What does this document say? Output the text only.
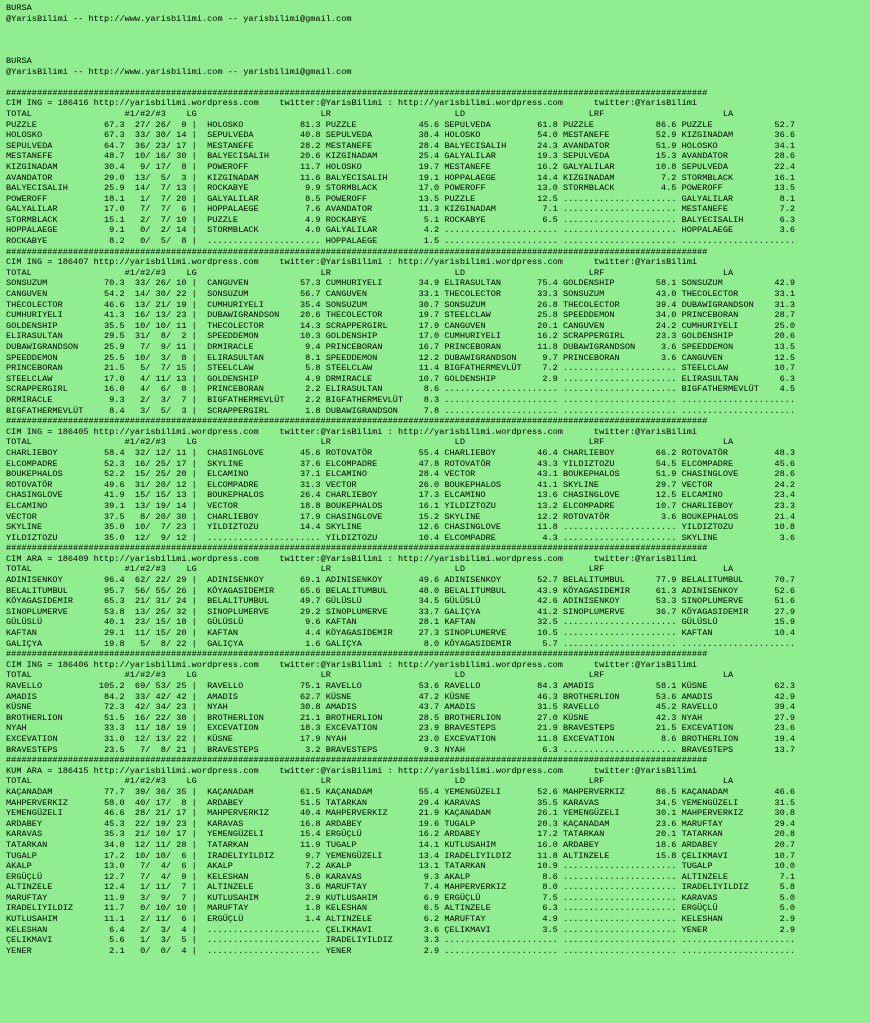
BURSA
@YarisBilimi -- http://www.yarisbilimi.com -- yarisbilimi@gmail.com
BURSA
@YarisBilimi -- http://www.yarisbilimi.com -- yarisbilimi@gmail.com
########################################################################################################################################
CIM ING = 186416 http://yarisbilimi.wordpress.com    twitter:@YarisBilimi : http://yarisbilimi.wordpress.com      twitter:@YarisBilimi
TOTAL                  #1/#2/#3    LG                        LR                        LD                        LRF                       LA
PUZZLE             67.3  27/ 26/  9 |  HOLOSKO           81.3 PUZZLE            45.6 SEPULVEDA         61.8 PUZZLE            86.6 PUZZLE            52.7
HOLOSKO            67.3  33/ 30/ 14 |  SEPULVEDA         40.8 SEPULVEDA         38.4 HOLOSKO           54.0 MESTANEFE         52.9 KIZGINADAM        36.6
SEPULVEDA          64.7  36/ 23/ 17 |  MESTANEFE         28.2 MESTANEFE         28.4 BALYECISALIH      24.3 AVANDATOR         51.9 HOLOSKO           34.1
MESTANEFE          48.7  10/ 16/ 30 |  BALYECISALIH      20.6 KIZGINADAM        25.4 GALYALILAR        19.3 SEPULVEDA         15.3 AVANDATOR         28.6
KIZGINADAM         30.4   9/ 17/  8 |  POWEROFF          11.7 HOLOSKO           19.7 MESTANEFE         16.2 GALYALILAR        10.8 SEPULVEDA         22.4
AVANDATOR          29.0  13/  5/  3 |  KIZGINADAM        11.6 BALYECISALIH      19.1 HOPPALAEGE        14.4 KIZGINADAM         7.2 STORMBLACK        16.1
BALYECISALIH       25.9  14/  7/ 13 |  ROCKABYE           9.9 STORMBLACK        17.0 POWEROFF          13.0 STORMBLACK         4.5 POWEROFF          13.5
POWEROFF           18.1   1/  7/ 20 |  GALYALILAR         8.5 POWEROFF          13.5 PUZZLE            12.5 ...................... GALYALILAR         8.1
GALYALILAR         17.0   7/  7/  6 |  HOPPALAEGE         7.6 AVANDATOR         11.3 KIZGINADAM         7.1 ...................... MESTANEFE          7.2
STORMBLACK         15.1   2/  7/ 10 |  PUZZLE             4.9 ROCKABYE           5.1 ROCKABYE           6.5 ...................... BALYECISALIH       6.3
HOPPALAEGE          9.1   0/  2/ 14 |  STORMBLACK         4.0 GALYALILAR         4.2 ...................... ...................... HOPPALAEGE         3.6
ROCKABYE            8.2   0/  5/  8 |  ...................... HOPPALAEGE         1.5 ...................... ...................... ......................
########################################################################################################################################
CIM ING = 186407 http://yarisbilimi.wordpress.com    twitter:@YarisBilimi : http://yarisbilimi.wordpress.com      twitter:@YarisBilimi
TOTAL                  #1/#2/#3    LG                        LR                        LD                        LRF                       LA
SONSUZUM           70.3  33/ 26/ 10 |  CANGUVEN          57.3 CUMHURIYELI       34.9 ELIRASULTAN       75.4 GOLDENSHIP        58.1 SONSUZUM          42.9
CANGUVEN           54.2  14/ 30/ 22 |  SONSUZUM          56.7 CANGUVEN          33.1 THECOLECTOR       33.3 SONSUZUM          43.0 THECOLECTOR       33.1
THECOLECTOR        46.6  13/ 21/ 19 |  CUMHURIYELI       35.4 SONSUZUM          30.7 SONSUZUM          26.8 THECOLECTOR       39.4 DUBAWIGRANDSON    31.3
CUMHURIYELI        41.3  16/ 13/ 23 |  DUBAWIGRANDSON    20.6 THECOLECTOR       19.7 STEELCLAW         25.8 SPEEDDEMON        34.0 PRINCEBORAN       28.7
GOLDENSHIP         35.5  10/ 10/ 11 |  THECOLECTOR       14.3 SCRAPPERGIRL      17.9 CANGUVEN          20.1 CANGUVEN          24.2 CUMHURIYELI       25.0
ELIRASULTAN        29.5  31/  8/  2 |  SPEEDDEMON        10.3 GOLDENSHIP        17.0 CUMHURIYELI       16.2 SCRAPPERGIRL      23.3 GOLDENSHIP        20.6
DUBAWIGRANDSON     25.9   7/  9/ 11 |  DRMIRACLE          9.4 PRINCEBORAN       16.7 PRINCEBORAN       11.8 DUBAWIGRANDSON     3.6 SPEEDDEMON        13.5
SPEEDDEMON         25.5  10/  3/  8 |  ELIRASULTAN        8.1 SPEEDDEMON        12.2 DUBAWIGRANDSON     9.7 PRINCEBORAN        3.6 CANGUVEN          12.5
PRINCEBORAN        21.5   5/  7/ 15 |  STEELCLAW          5.8 STEELCLAW         11.4 BIGFATHERMEVLÜT    7.2 ...................... STEELCLAW         10.7
STEELCLAW          17.0   4/ 11/ 13 |  GOLDENSHIP         4.9 DRMIRACLE         10.7 GOLDENSHIP         2.9 ...................... ELIRASULTAN        6.3
SCRAPPERGIRL       16.0   4/  6/  8 |  PRINCEBORAN        2.2 ELIRASULTAN        8.6 ...................... ...................... BIGFATHERMEVLÜT    4.5
DRMIRACLE           9.3   2/  3/  7 |  BIGFATHERMEVLÜT    2.2 BIGFATHERMEVLÜT    8.3 ...................... ...................... ......................
BIGFATHERMEVLÜT     8.4   3/  5/  3 |  SCRAPPERGIRL       1.8 DUBAWIGRANDSON     7.8 ...................... ...................... ......................
########################################################################################################################################
CIM ING = 186405 http://yarisbilimi.wordpress.com    twitter:@YarisBilimi : http://yarisbilimi.wordpress.com      twitter:@YarisBilimi
TOTAL                  #1/#2/#3    LG                        LR                        LD                        LRF                       LA
CHARLIEBOY         58.4  32/ 12/ 11 |  CHASINGLOVE       45.6 ROTOVATÖR         55.4 CHARLIEBOY        46.4 CHARLIEBOY        66.2 ROTOVATÖR         48.3
ELCOMPADRE         52.3  16/ 25/ 17 |  SKYLINE           37.6 ELCOMPADRE        47.8 ROTOVATÖR         43.3 YILDIZTOZU        54.5 ELCOMPADRE        45.6
BOUKEPHALOS        52.2  15/ 25/ 20 |  ELCAMINO          37.1 ELCAMINO          28.4 VECTOR            43.1 BOUKEPHALOS       51.9 CHASINGLOVE       28.6
ROTOVATÖR          49.6  31/ 20/ 12 |  ELCOMPADRE        31.3 VECTOR            26.0 BOUKEPHALOS       41.1 SKYLINE           29.7 VECTOR            24.2
CHASINGLOVE        41.9  15/ 15/ 13 |  BOUKEPHALOS       26.4 CHARLIEBOY        17.3 ELCAMINO          13.6 CHASINGLOVE       12.5 ELCAMINO          23.4
ELCAMINO           39.1  13/ 19/ 14 |  VECTOR            18.8 BOUKEPHALOS       16.1 YILDIZTOZU        13.2 ELCOMPADRE        10.7 CHARLIEBOY        23.3
VECTOR             37.5   8/ 20/ 30 |  CHARLIEBOY        17.9 CHASINGLOVE       15.2 SKYLINE           12.2 ROTOVATÖR          3.6 BOUKEPHALOS       21.4
SKYLINE            35.0  10/  7/ 23 |  YILDIZTOZU        14.4 SKYLINE           12.6 CHASINGLOVE       11.8 ...................... YILDIZTOZU        10.8
YILDIZTOZU         35.0  12/  9/ 12 |  ...................... YILDIZTOZU        10.4 ELCOMPADRE         4.3 ...................... SKYLINE            3.6
########################################################################################################################################
CIM ARA = 186409 http://yarisbilimi.wordpress.com    twitter:@YarisBilimi : http://yarisbilimi.wordpress.com      twitter:@YarisBilimi
TOTAL                  #1/#2/#3    LG                        LR                        LD                        LRF                       LA
ADINISENKOY        96.4  62/ 22/ 29 |  ADINISENKOY       69.1 ADINISENKOY       49.6 ADINISENKOY       52.7 BELALITUMBUL      77.9 BELALITUMBUL      70.7
BELALITUMBUL       95.7  56/ 55/ 26 |  KÖYAGASIDEMIR     65.6 BELALITUMBUL      48.0 BELALITUMBUL      43.9 KÖYAGASIDEMIR     61.3 ADINISENKOY       52.6
KÖYAGASIDEMIR      65.3  21/ 31/ 24 |  BELALITUMBUL      49.7 GÜLÜSLÜ           34.5 GÜLÜSLÜ           42.6 ADINISENKOY       53.3 SINOPLUMERVE      51.6
SINOPLUMERVE       53.8  13/ 25/ 32 |  SINOPLUMERVE      29.2 SINOPLUMERVE      33.7 GALIÇYA           41.2 SINOPLUMERVE      36.7 KÖYAGASIDEMIR     27.9
GÜLÜSLÜ            40.1  23/ 15/ 18 |  GÜLÜSLÜ            9.6 KAFTAN            28.1 KAFTAN            32.5 ...................... GÜLÜSLÜ           15.9
KAFTAN             29.1  11/ 15/ 20 |  KAFTAN             4.4 KÖYAGASIDEMIR     27.3 SINOPLUMERVE      10.5 ...................... KAFTAN            10.4
GALIÇYA            19.8   5/  8/ 22 |  GALIÇYA            1.6 GALIÇYA            8.0 KÖYAGASIDEMIR      5.7 ...................... ......................
########################################################################################################################################
CIM ING = 186406 http://yarisbilimi.wordpress.com    twitter:@YarisBilimi : http://yarisbilimi.wordpress.com      twitter:@YarisBilimi
TOTAL                  #1/#2/#3    LG                        LR                        LD                        LRF                       LA
RAVELLO           105.2  69/ 53/ 25 |  RAVELLO           75.1 RAVELLO           53.6 RAVELLO           84.3 AMADIS            58.1 KÜSNE             62.3
AMADIS             84.2  33/ 42/ 42 |  AMADIS            62.7 KÜSNE             47.2 KÜSNE             46.3 BROTHERLION       53.6 AMADIS            42.9
KÜSNE              72.3  42/ 34/ 23 |  NYAH              30.8 AMADIS            43.7 AMADIS            31.5 RAVELLO           45.2 RAVELLO           39.4
BROTHERLION        51.5  16/ 22/ 38 |  BROTHERLION       21.1 BROTHERLION       28.5 BROTHERLION       27.0 KÜSNE             42.3 NYAH              27.9
NYAH               33.3  11/ 18/ 19 |  EXCEVATION        18.3 EXCEVATION        23.9 BRAVESTEPS        21.9 BRAVESTEPS        21.5 EXCEVATION        23.6
EXCEVATION         31.0  12/ 13/ 22 |  KÜSNE             17.9 NYAH              23.0 EXCEVATION        11.8 EXCEVATION         8.6 BROTHERLION       19.4
BRAVESTEPS         23.5   7/  8/ 21 |  BRAVESTEPS         3.2 BRAVESTEPS         9.3 NYAH               6.3 ...................... BRAVESTEPS        13.7
########################################################################################################################################
KUM ARA = 186415 http://yarisbilimi.wordpress.com    twitter:@YarisBilimi : http://yarisbilimi.wordpress.com      twitter:@YarisBilimi
TOTAL                  #1/#2/#3    LG                        LR                        LD                        LRF                       LA
KAÇANADAM          77.7  39/ 36/ 35 |  KAÇANADAM         61.5 KAÇANADAM         55.4 YEMENGÜZELI       52.6 MAHPERVERKIZ      86.5 KAÇANADAM         46.6
MAHPERVERKIZ       58.0  40/ 17/  8 |  ARDABEY           51.5 TATARKAN          29.4 KARAVAS           35.5 KARAVAS           34.5 YEMENGÜZELI       31.5
YEMENGÜZELI        46.6  28/ 21/ 17 |  MAHPERVERKIZ      40.4 MAHPERVERKIZ      21.9 KAÇANADAM         26.1 YEMENGÜZELI       30.1 MAHPERVERKIZ      30.8
ARDABEY            45.3  22/ 19/ 23 |  KARAVAS           16.8 ARDABEY           19.6 TUGALP            20.3 KAÇANADAM         23.6 MARUFTAY          29.4
KARAVAS            35.3  21/ 10/ 17 |  YEMENGÜZELI       15.4 ERGÜÇLÜ           16.2 ARDABEY           17.2 TATARKAN          20.1 TATARKAN          20.8
TATARKAN           34.0  12/ 11/ 28 |  TATARKAN          11.9 TUGALP            14.1 KUTLUSAHIM        16.0 ARDABEY           18.6 ARDABEY           20.7
TUGALP             17.2  10/ 10/  6 |  IRADELIYILDIZ      9.7 YEMENGÜZELI       13.4 IRADELIYILDIZ     11.8 ALTINZELE         15.8 ÇELIKMAVI         10.7
AKALP              13.0   7/  4/  6 |  AKALP              7.2 AKALP             13.1 TATARKAN          10.9 ...................... TUGALP            10.0
ERGÜÇLÜ            12.7   7/  4/  9 |  KELESHAN           5.0 KARAVAS            9.3 AKALP              8.6 ...................... ALTINZELE          7.1
ALTINZELE          12.4   1/ 11/  7 |  ALTINZELE          3.6 MARUFTAY           7.4 MAHPERVERKIZ       8.0 ...................... IRADELIYILDIZ      5.8
MARUFTAY           11.9   3/  9/  7 |  KUTLUSAHIM         2.9 KUTLUSAHIM         6.9 ERGÜÇLÜ            7.5 ...................... KARAVAS            5.0
IRADELIYILDIZ      11.7   0/ 10/ 10 |  MARUFTAY           1.8 KELESHAN           6.5 ALTINZELE          6.3 ...................... ERGÜÇLÜ            5.0
KUTLUSAHIM         11.1   2/ 11/  6 |  ERGÜÇLÜ            1.4 ALTINZELE          6.2 MARUFTAY           4.9 ...................... KELESHAN           2.9
KELESHAN            6.4   2/  3/  4 |  ...................... ÇELIKMAVI          3.6 ÇELIKMAVI          3.5 ...................... YENER              2.9
ÇELIKMAVI           5.6   1/  3/  5 |  ...................... IRADELIYILDIZ      3.3 ...................... ...................... ......................
YENER               2.1   0/  0/  4 |  ...................... YENER              2.9 ...................... ...................... ......................
